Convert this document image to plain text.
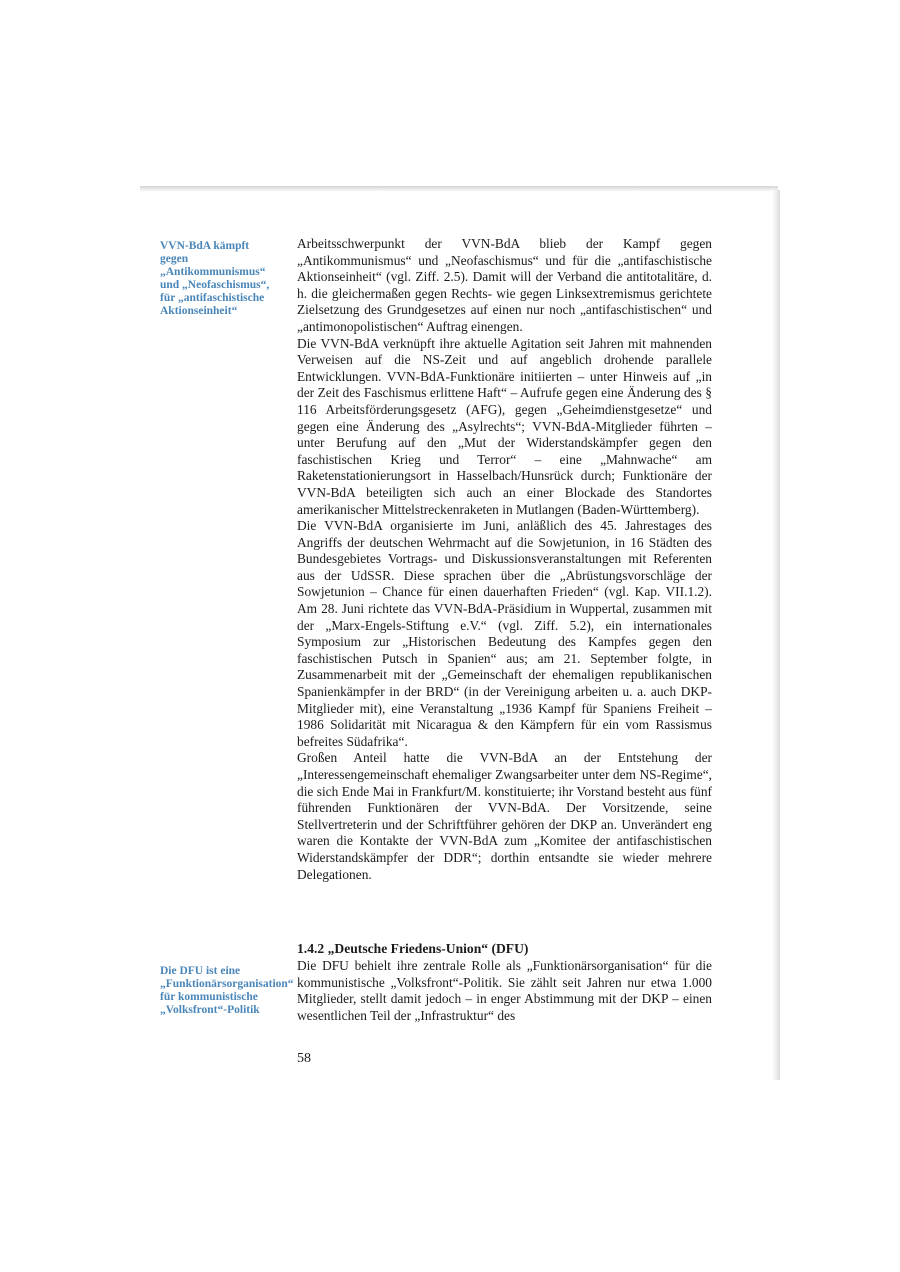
VVN-BdA kämpft gegen „Antikommunismus“ und „Neofaschismus“, für „antifaschistische Aktionseinheit“

Arbeitsschwerpunkt der VVN-BdA blieb der Kampf gegen „Antikommunismus“ und „Neofaschismus“ und für die „antifaschistische Aktionseinheit“ (vgl. Ziff. 2.5). Damit will der Verband die antitotalitäre, d. h. die gleichermaßen gegen Rechts- wie gegen Linksextremismus gerichtete Zielsetzung des Grundgesetzes auf einen nur noch „antifaschistischen“ und „antimonopolistischen“ Auftrag einengen.

Die VVN-BdA verknüpft ihre aktuelle Agitation seit Jahren mit mahnenden Verweisen auf die NS-Zeit und auf angeblich drohende parallele Entwicklungen. VVN-BdA-Funktionäre initiierten – unter Hinweis auf „in der Zeit des Faschismus erlittene Haft“ – Aufrufe gegen eine Änderung des § 116 Arbeitsförderungsgesetz (AFG), gegen „Geheimdienstgesetze“ und gegen eine Änderung des „Asylrechts“; VVN-BdA-Mitglieder führten – unter Berufung auf den „Mut der Widerstandskämpfer gegen den faschistischen Krieg und Terror“ – eine „Mahnwache“ am Raketenstationierungsort in Hasselbach/Hunsrück durch; Funktionäre der VVN-BdA beteiligten sich auch an einer Blockade des Standortes amerikanischer Mittelstreckenraketen in Mutlangen (Baden-Württemberg).

Die VVN-BdA organisierte im Juni, anläßlich des 45. Jahrestages des Angriffs der deutschen Wehrmacht auf die Sowjetunion, in 16 Städten des Bundesgebietes Vortrags- und Diskussionsveranstaltungen mit Referenten aus der UdSSR. Diese sprachen über die „Abrüstungsvorschläge der Sowjetunion – Chance für einen dauerhaften Frieden“ (vgl. Kap. VII.1.2). Am 28. Juni richtete das VVN-BdA-Präsidium in Wuppertal, zusammen mit der „Marx-Engels-Stiftung e.V.“ (vgl. Ziff. 5.2), ein internationales Symposium zur „Historischen Bedeutung des Kampfes gegen den faschistischen Putsch in Spanien“ aus; am 21. September folgte, in Zusammenarbeit mit der „Gemeinschaft der ehemaligen republikanischen Spanienkämpfer in der BRD“ (in der Vereinigung arbeiten u. a. auch DKP-Mitglieder mit), eine Veranstaltung „1936 Kampf für Spaniens Freiheit – 1986 Solidarität mit Nicaragua & den Kämpfern für ein vom Rassismus befreites Südafrika“.

Großen Anteil hatte die VVN-BdA an der Entstehung der „Interessengemeinschaft ehemaliger Zwangsarbeiter unter dem NS-Regime“, die sich Ende Mai in Frankfurt/M. konstituierte; ihr Vorstand besteht aus fünf führenden Funktionären der VVN-BdA. Der Vorsitzende, seine Stellvertreterin und der Schriftführer gehören der DKP an. Unverändert eng waren die Kontakte der VVN-BdA zum „Komitee der antifaschistischen Widerstandskämpfer der DDR“; dorthin entsandte sie wieder mehrere Delegationen.

1.4.2 „Deutsche Friedens-Union“ (DFU)

Die DFU behielt ihre zentrale Rolle als „Funktionärsorganisation“ für die kommunistische „Volksfront“-Politik. Sie zählt seit Jahren nur etwa 1.000 Mitglieder, stellt damit jedoch – in enger Abstimmung mit der DKP – einen wesentlichen Teil der „Infrastruktur“ des

Die DFU ist eine „Funktionärsorganisation“ für kommunistische „Volksfront“-Politik
58
